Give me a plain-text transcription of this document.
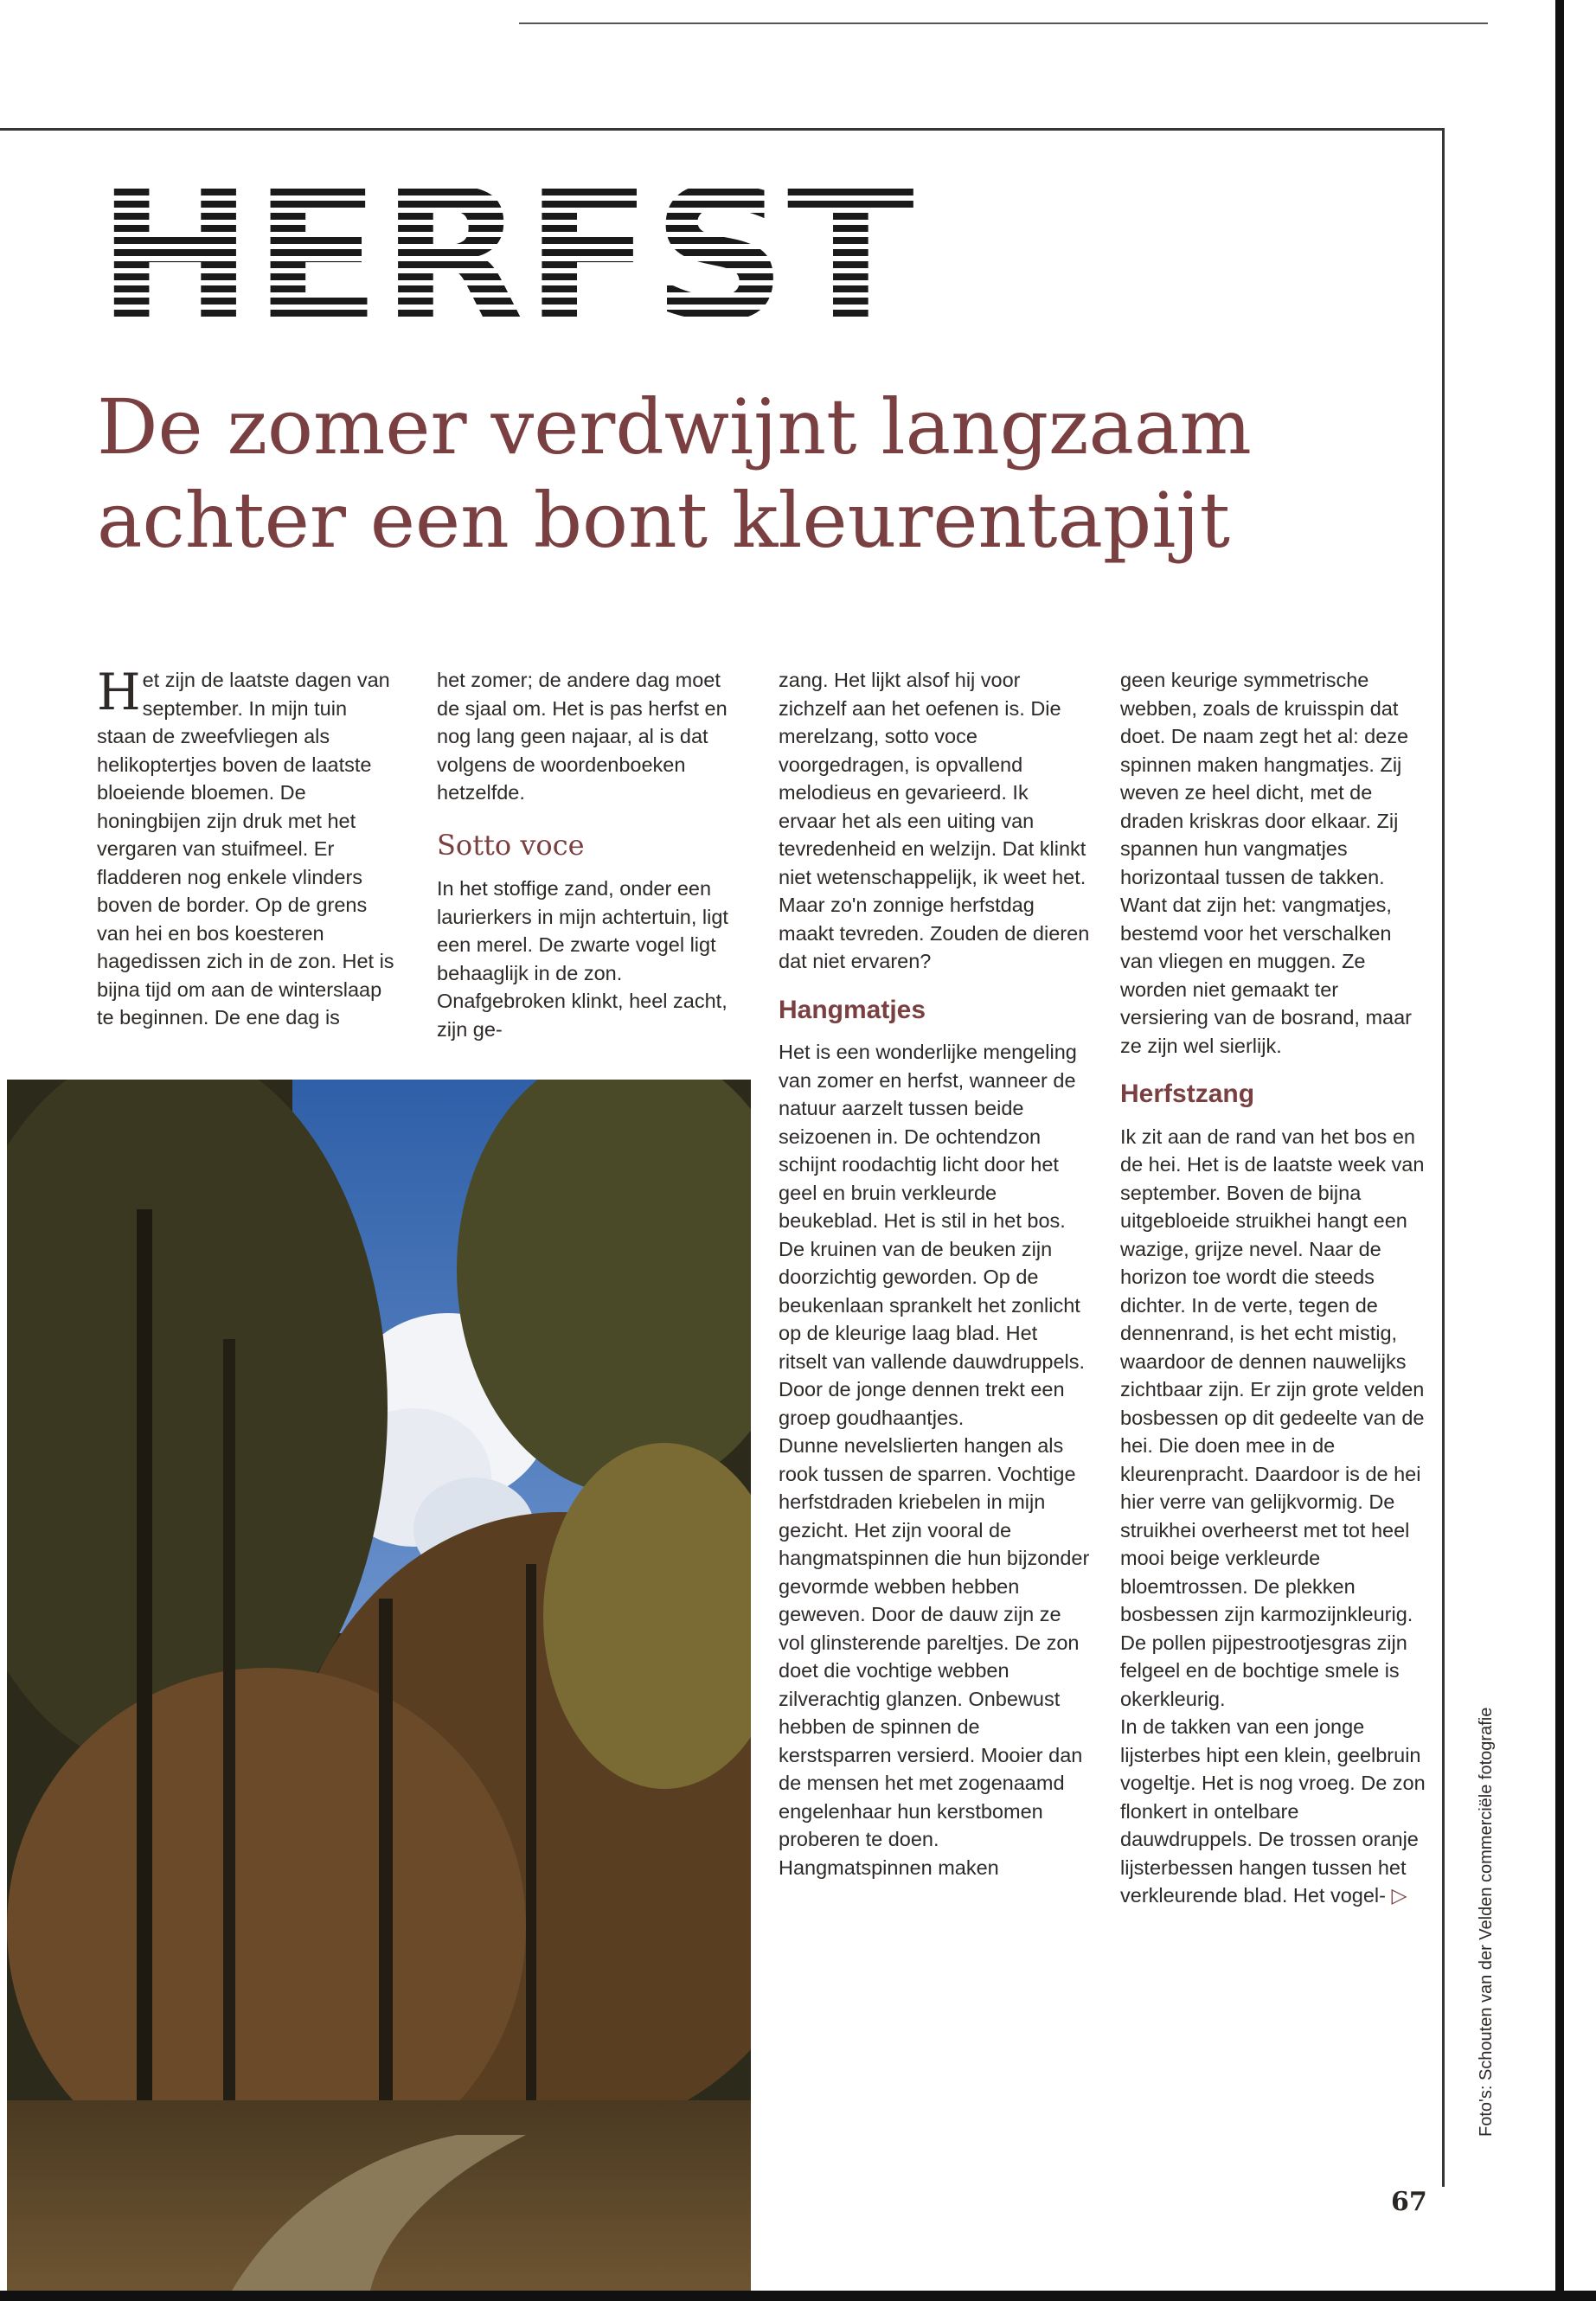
HERFST
De zomer verdwijnt langzaam
achter een bont kleurentapijt
H et zijn de laatste dagen van september. In mijn tuin staan de zweefvliegen als helikoptertjes boven de laatste bloeiende bloemen. De honingbijen zijn druk met het vergaren van stuifmeel. Er fladderen nog enkele vlinders boven de border. Op de grens van hei en bos koesteren hagedissen zich in de zon. Het is bijna tijd om aan de winterslaap te beginnen. De ene dag is

het zomer; de andere dag moet de sjaal om. Het is pas herfst en nog lang geen najaar, al is dat volgens de woordenboeken hetzelfde.

Sotto voce

In het stoffige zand, onder een laurierkers in mijn achtertuin, ligt een merel. De zwarte vogel ligt behaaglijk in de zon. Onafgebroken klinkt, heel zacht, zijn ge-

zang. Het lijkt alsof hij voor zichzelf aan het oefenen is. Die merelzang, sotto voce voorgedragen, is opvallend melodieus en gevarieerd. Ik ervaar het als een uiting van tevredenheid en welzijn. Dat klinkt niet wetenschappelijk, ik weet het. Maar zo'n zonnige herfstdag maakt tevreden. Zouden de dieren dat niet ervaren?

Hangmatjes

Het is een wonderlijke mengeling van zomer en herfst, wanneer de natuur aarzelt tussen beide seizoenen in. De ochtendzon schijnt roodachtig licht door het geel en bruin verkleurde beukeblad. Het is stil in het bos. De kruinen van de beuken zijn doorzichtig geworden. Op de beukenlaan sprankelt het zonlicht op de kleurige laag blad. Het ritselt van vallende dauwdruppels. Door de jonge dennen trekt een groep goudhaantjes.

Dunne nevelslierten hangen als rook tussen de sparren. Vochtige herfstdraden kriebelen in mijn gezicht. Het zijn vooral de hangmatspinnen die hun bijzonder gevormde webben hebben geweven. Door de dauw zijn ze vol glinsterende pareltjes. De zon doet die vochtige webben zilverachtig glanzen. Onbewust hebben de spinnen de kerstsparren versierd. Mooier dan de mensen het met zogenaamd engelenhaar hun kerstbomen proberen te doen.

Hangmatspinnen maken

geen keurige symmetrische webben, zoals de kruisspin dat doet. De naam zegt het al: deze spinnen maken hangmatjes. Zij weven ze heel dicht, met de draden kriskras door elkaar. Zij spannen hun vangmatjes horizontaal tussen de takken. Want dat zijn het: vangmatjes, bestemd voor het verschalken van vliegen en muggen. Ze worden niet gemaakt ter versiering van de bosrand, maar ze zijn wel sierlijk.

Herfstzang

Ik zit aan de rand van het bos en de hei. Het is de laatste week van september. Boven de bijna uitgebloeide struikhei hangt een wazige, grijze nevel. Naar de horizon toe wordt die steeds dichter. In de verte, tegen de dennenrand, is het echt mistig, waardoor de dennen nauwelijks zichtbaar zijn. Er zijn grote velden bosbessen op dit gedeelte van de hei. Die doen mee in de kleurenpracht. Daardoor is de hei hier verre van gelijkvormig. De struikhei overheerst met tot heel mooi beige verkleurde bloemtrossen. De plekken bosbessen zijn karmozijnkleurig. De pollen pijpestrootjesgras zijn felgeel en de bochtige smele is okerkleurig.

In de takken van een jonge lijsterbes hipt een klein, geelbruin vogeltje. Het is nog vroeg. De zon flonkert in ontelbare dauwdruppels. De trossen oranje lijsterbessen hangen tussen het verkleurende blad. Het vogel- ▷	Foto's: Schouten van der Velden commerciële fotografie
67
